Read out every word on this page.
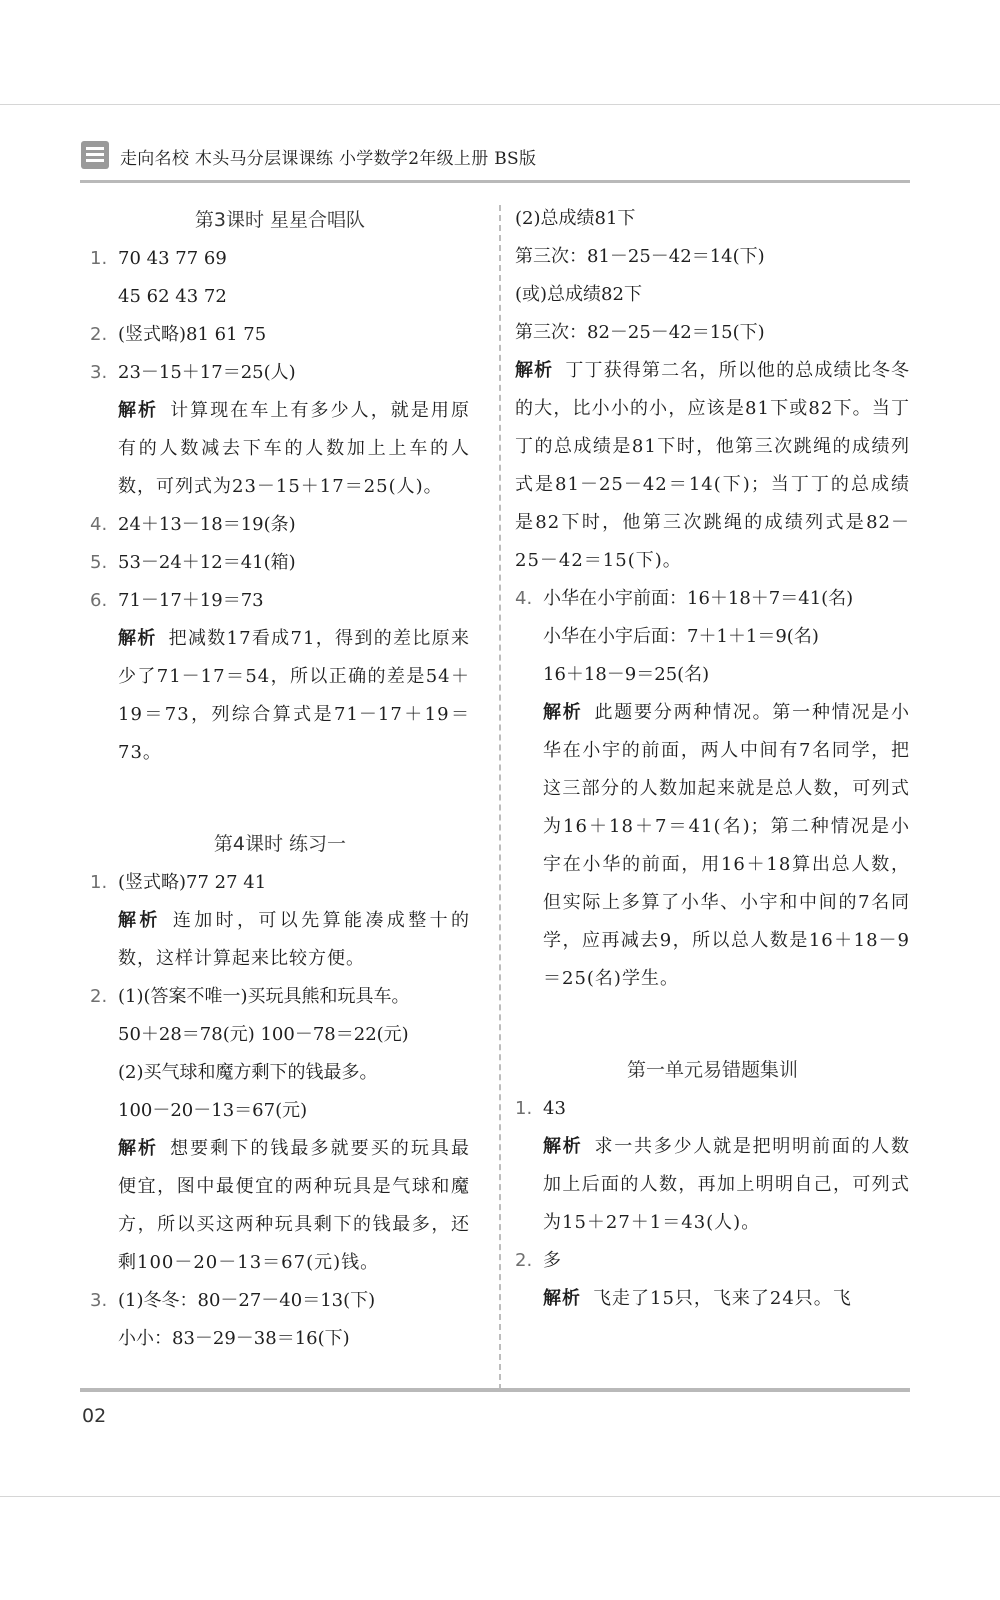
走向名校 木头马分层课课练 小学数学2年级上册 BS版
第3课时 星星合唱队
1. 70 43 77 69
45 62 43 72
2. (竖式略)81 61 75
3. 23－15＋17＝25(人)
解析 计算现在车上有多少人，就是用原有的人数减去下车的人数加上上车的人数，可列式为23－15＋17＝25(人)。
4. 24＋13－18＝19(条)
5. 53－24＋12＝41(箱)
6. 71－17＋19＝73
解析 把减数17看成71，得到的差比原来少了71－17＝54，所以正确的差是54＋19＝73，列综合算式是71－17＋19＝73。
第4课时 练习一
1. (竖式略)77 27 41
解析 连加时，可以先算能凑成整十的数，这样计算起来比较方便。
2. (1)(答案不唯一)买玩具熊和玩具车。
50＋28＝78(元) 100－78＝22(元)
(2)买气球和魔方剩下的钱最多。
100－20－13＝67(元)
解析 想要剩下的钱最多就要买的玩具最便宜，图中最便宜的两种玩具是气球和魔方，所以买这两种玩具剩下的钱最多，还剩100－20－13＝67(元)钱。
3. (1)冬冬：80－27－40＝13(下)
小小：83－29－38＝16(下)
(2)总成绩81下
第三次：81－25－42＝14(下)
(或)总成绩82下
第三次：82－25－42＝15(下)
解析 丁丁获得第二名，所以他的总成绩比冬冬的大，比小小的小，应该是81下或82下。当丁丁的总成绩是81下时，他第三次跳绳的成绩列式是81－25－42＝14(下)；当丁丁的总成绩是82下时，他第三次跳绳的成绩列式是82－25－42＝15(下)。
4. 小华在小宇前面：16＋18＋7＝41(名)
小华在小宇后面：7＋1＋1＝9(名)
16＋18－9＝25(名)
解析 此题要分两种情况。第一种情况是小华在小宇的前面，两人中间有7名同学，把这三部分的人数加起来就是总人数，可列式为16＋18＋7＝41(名)；第二种情况是小宇在小华的前面，用16＋18算出总人数，但实际上多算了小华、小宇和中间的7名同学，应再减去9，所以总人数是16＋18－9＝25(名)学生。
第一单元易错题集训
1. 43
解析 求一共多少人就是把明明前面的人数加上后面的人数，再加上明明自己，可列式为15＋27＋1＝43(人)。
2. 多
解析 飞走了15只，飞来了24只。飞
02
